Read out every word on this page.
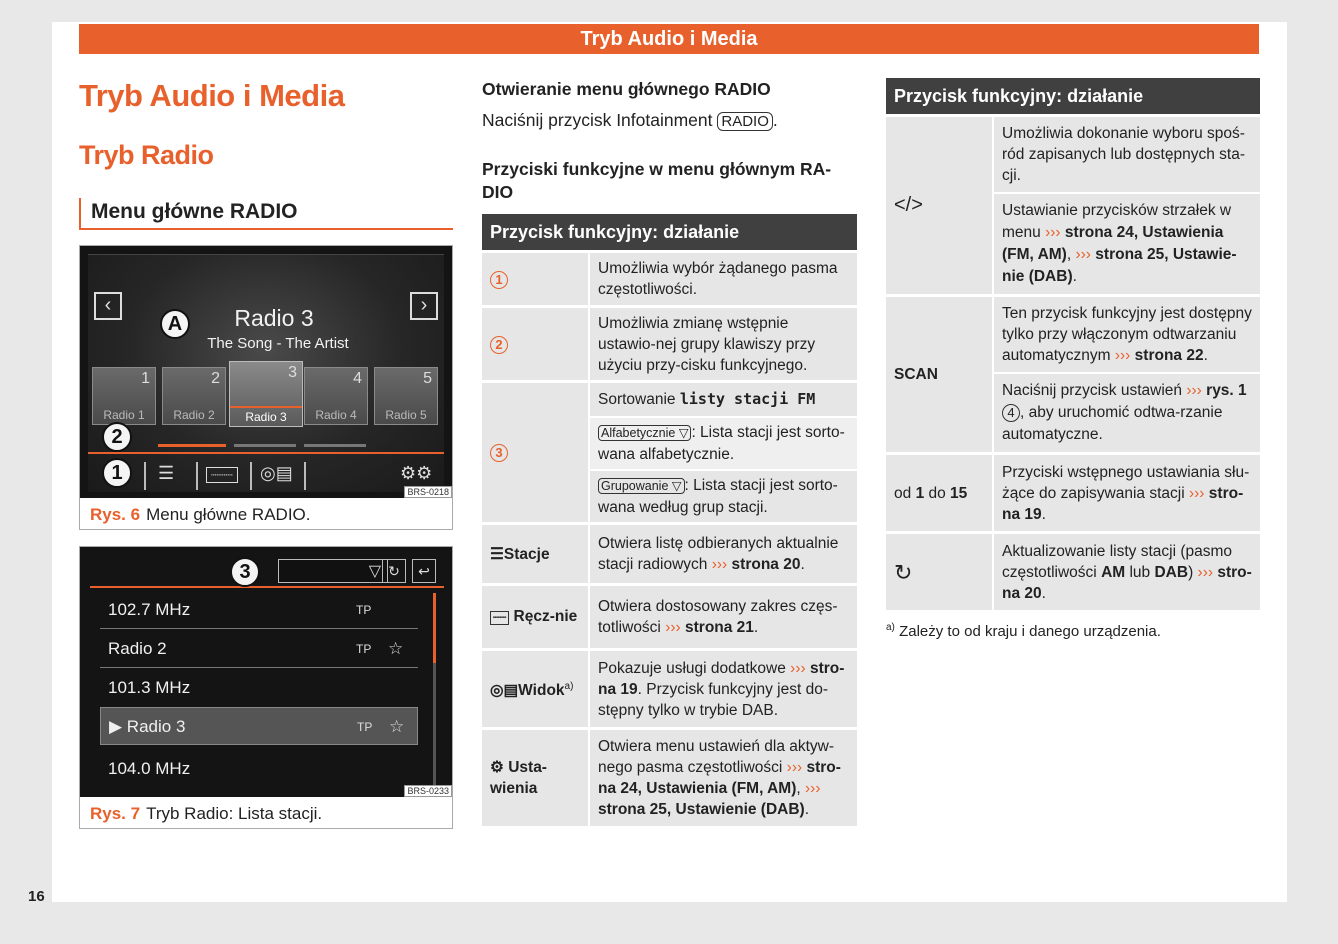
Tryb Audio i Media
Tryb Audio i Media
Tryb Radio
Menu główne RADIO
‹	›
A	Radio 3
The Song - The Artist
1
Radio 1
2
Radio 2
3
Radio 3
4
Radio 4
5
Radio 5
2
1	☰	┈┈┈ ◎▤	⚙⚙
BRS-0218
Rys. 6 Menu główne RADIO.
3	▽ ↻	↩
102.7 MHz	TP
Radio 2	TP ☆
101.3 MHz
▶ Radio 3	TP ☆
104.0 MHz
BRS-0233
Rys. 7 Tryb Radio: Lista stacji.
Otwieranie menu głównego RADIO
Naciśnij przycisk Infotainment RADIO .
Przyciski funkcyjne w menu głównym RA-DIO
Przycisk funkcyjny: działanie	
1	Umożliwia wybór żądanego pasma częstotliwości.
2	Umożliwia zmianę wstępnie ustawio-nej grupy klawiszy przy użyciu przy-cisku funkcyjnego.
3	Sortowanie listy stacji FM
Alfabetycznie ▽ : Lista stacji jest sorto-wana alfabetycznie.
Grupowanie ▽ : Lista stacji jest sorto-wana według grup stacji.

☰Stacje	Otwiera listę odbieranych aktualnie stacji radiowych ››› strona 20.
┈┈ Ręcz-nie	Otwiera dostosowany zakres częs-totliwości ››› strona 21.
◎▤Widok$^{a)}$	Pokazuje usługi dodatkowe ››› stro-na 19. Przycisk funkcyjny jest do-stępny tylko w trybie DAB.
⚙ Usta-wienia	Otwiera menu ustawień dla aktyw-nego pasma częstotliwości ››› stro-na 24, Ustawienia (FM, AM), ››› strona 25, Ustawienie (DAB).
Przycisk funkcyjny: działanie	
</>	Umożliwia dokonanie wyboru spoś-ród zapisanych lub dostępnych sta-cji.
Ustawianie przycisków strzałek w menu ››› strona 24, Ustawienia (FM, AM), ››› strona 25, Ustawie-nie (DAB).

SCAN	Ten przycisk funkcyjny jest dostępny tylko przy włączonym odtwarzaniu automatycznym ››› strona 22.
Naciśnij przycisk ustawień ››› rys. 1 4 , aby uruchomić odtwa-rzanie automatyczne.

od 1 do 15	Przyciski wstępnego ustawiania słu-żące do zapisywania stacji ››› stro-na 19.
↻	Aktualizowanie listy stacji (pasmo częstotliwości AM lub DAB) ››› stro-na 20.
$^{a)}$ Zależy to od kraju i danego urządzenia.
16
